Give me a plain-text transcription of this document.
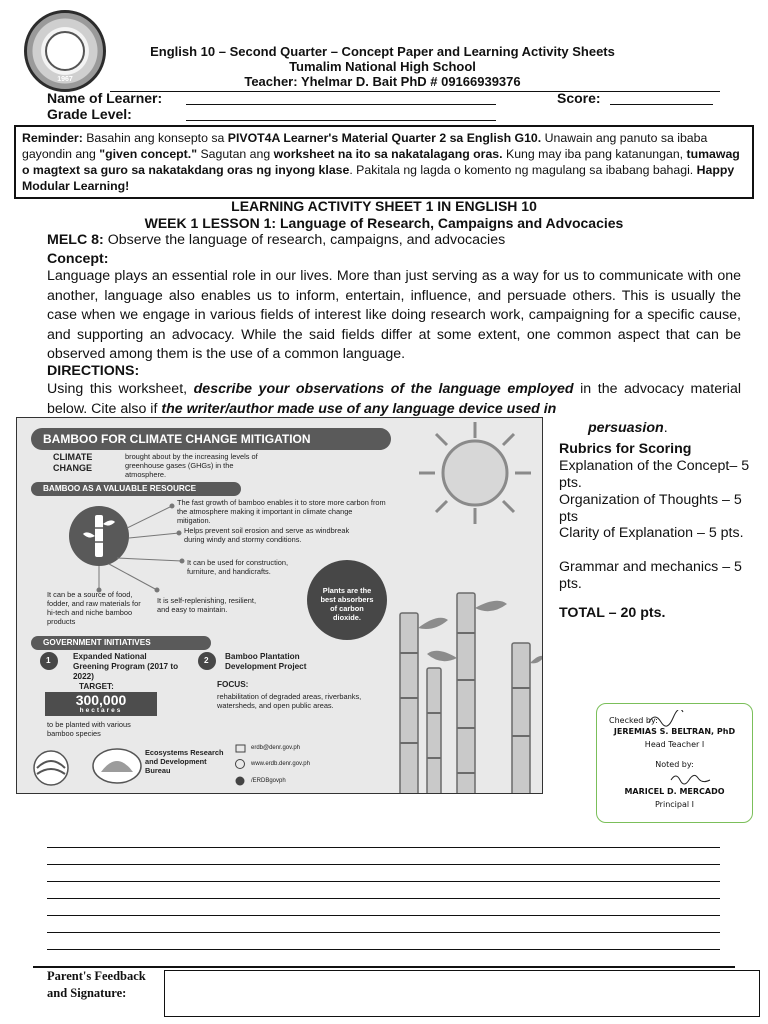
1967
English 10 – Second Quarter – Concept Paper and Learning Activity Sheets
Tumalim National High School
Teacher: Yhelmar D. Bait PhD # 09166939376
Name of Learner:	Score:
Grade Level:
Reminder: Basahin ang konsepto sa PIVOT4A Learner's Material Quarter 2 sa English G10. Unawain ang panuto sa ibaba gayondin ang "given concept." Sagutan ang worksheet na ito sa nakatalagang oras. Kung may iba pang katanungan, tumawag o magtext sa guro sa nakatakdang oras ng inyong klase. Pakitala ng lagda o komento ng magulang sa ibabang bahagi. Happy Modular Learning!
LEARNING ACTIVITY SHEET 1 IN ENGLISH 10
WEEK 1 LESSON 1: Language of Research, Campaigns and Advocacies
MELC 8: Observe the language of research, campaigns, and advocacies
Concept:
Language plays an essential role in our lives. More than just serving as a way for us to communicate with one another, language also enables us to inform, entertain, influence, and persuade others. This is usually the case when we engage in various fields of interest like doing research work, campaigning for a specific cause, and supporting an advocacy. While the said fields differ at some extent, one common aspect that can be observed among them is the use of a common language.
DIRECTIONS:
Using this worksheet, describe your observations of the language employed in the advocacy material below. Cite also if the writer/author made use of any language device used in
persuasion.
BAMBOO FOR CLIMATE CHANGE MITIGATION
CLIMATE CHANGE
brought about by the increasing levels of greenhouse gases (GHGs) in the atmosphere.
BAMBOO AS A VALUABLE RESOURCE
The fast growth of bamboo enables it to store more carbon from the atmosphere making it important in climate change mitigation.
Helps prevent soil erosion and serve as windbreak during windy and stormy conditions.
It can be used for construction, furniture, and handicrafts.
It can be a source of food, fodder, and raw materials for hi-tech and niche bamboo products
It is self-replenishing, resilient, and easy to maintain.
Plants are the best absorbers of carbon dioxide.
GOVERNMENT INITIATIVES
1	Expanded National Greening Program (2017 to 2022)
2 Bamboo Plantation Development Project
TARGET:
300,000
hectares
to be planted with various bamboo species
FOCUS:
rehabilitation of degraded areas, riverbanks, watersheds, and open public areas.
Ecosystems Research and Development Bureau
erdb@denr.gov.ph
www.erdb.denr.gov.ph
/ERDBgovph
Rubrics for Scoring
Explanation of the Concept– 5 pts.
Organization of Thoughts – 5 pts
Clarity of Explanation – 5 pts.
Grammar and mechanics – 5 pts.
TOTAL – 20 pts.
Checked by:
JEREMIAS S. BELTRAN, PhD
Head Teacher I
Noted by:
MARICEL D. MERCADO
Principal I
Parent's Feedback
and Signature:
